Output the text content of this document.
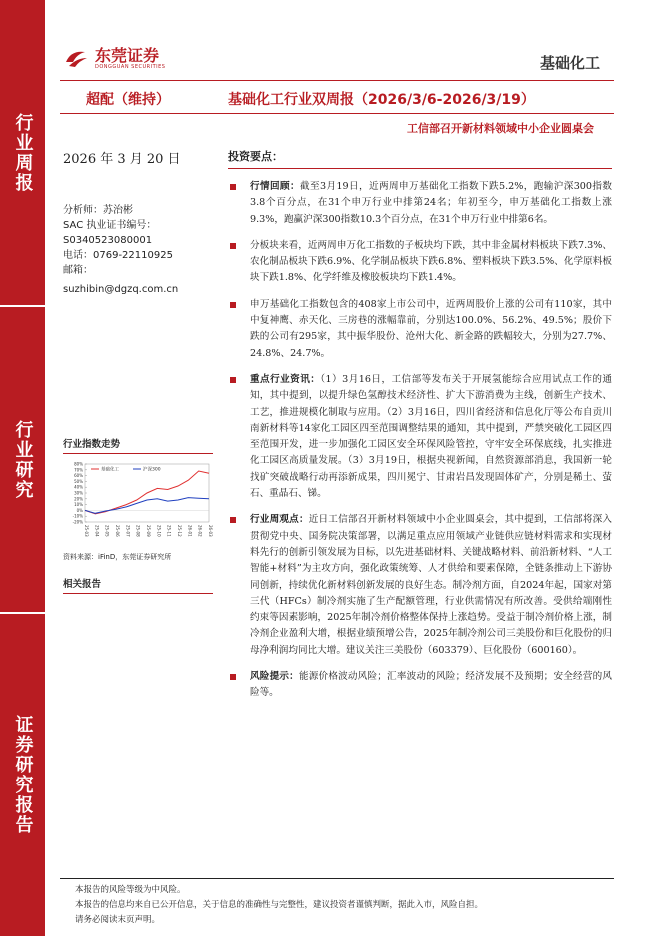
行业周报
行业研究
证券研究报告
东莞证券
DONGGUAN SECURITIES	基础化工
超配（维持）	基础化工行业双周报（2026/3/6-2026/3/19）
工信部召开新材料领域中小企业圆桌会
2026 年 3 月 20 日
分析师：苏治彬
SAC 执业证书编号：
S0340523080001
电话：0769-22110925
邮箱：
suzhibin@dgzq.com.cn
行业指数走势
80%
70%
60%
50%
40%
30%
20%
10%
0%
-10%
-20%
25-03 25-04 25-05 25-06 25-07 25-08 25-09 25-10 25-11 25-12 26-01 26-02 26-03
基础化工	沪深300
资料来源：iFinD，东莞证券研究所
相关报告
投资要点：
行情回顾：截至3月19日，近两周申万基础化工指数下跌5.2%，跑输沪深300指数3.8个百分点，在31个申万行业中排第24名；年初至今，申万基础化工指数上涨9.3%，跑赢沪深300指数10.3个百分点，在31个申万行业中排第6名。
分板块来看，近两周申万化工指数的子板块均下跌，其中非金属材料板块下跌7.3%、农化制品板块下跌6.9%、化学制品板块下跌6.8%、塑料板块下跌3.5%、化学原料板块下跌1.8%、化学纤维及橡胶板块均下跌1.4%。
申万基础化工指数包含的408家上市公司中，近两周股价上涨的公司有110家，其中中复神鹰、赤天化、三房巷的涨幅靠前，分别达100.0%、56.2%、49.5%；股价下跌的公司有295家，其中振华股份、沧州大化、新金路的跌幅较大，分别为27.7%、24.8%、24.7%。
重点行业资讯：（1）3月16日，工信部等发布关于开展氢能综合应用试点工作的通知，其中提到，以提升绿色氢醇技术经济性、扩大下游消费为主线，创新生产技术、工艺，推进规模化制取与应用。（2）3月16日，四川省经济和信息化厅等公布自贡川南新材料等14家化工园区四至范围调整结果的通知，其中提到，严禁突破化工园区四至范围开发，进一步加强化工园区安全环保风险管控，守牢安全环保底线，扎实推进化工园区高质量发展。（3）3月19日，根据央视新闻，自然资源部消息，我国新一轮找矿突破战略行动再添新成果，四川冕宁、甘肃岩昌发现固体矿产，分别是稀土、萤石、重晶石、锑。
行业周观点：近日工信部召开新材料领域中小企业圆桌会，其中提到，工信部将深入贯彻党中央、国务院决策部署，以满足重点应用领域产业链供应链材料需求和实现材料先行的创新引领发展为目标，以先进基础材料、关键战略材料、前沿新材料、“人工智能+材料”为主攻方向，强化政策统筹、人才供给和要素保障，全链条推动上下游协同创新，持续优化新材料创新发展的良好生态。制冷剂方面，自2024年起，国家对第三代（HFCs）制冷剂实施了生产配额管理，行业供需情况有所改善。受供给端刚性约束等因素影响，2025年制冷剂价格整体保持上涨趋势。受益于制冷剂价格上涨，制冷剂企业盈利大增，根据业绩预增公告，2025年制冷剂公司三美股份和巨化股份的归母净利润均同比大增。建议关注三美股份（603379）、巨化股份（600160）。
风险提示：能源价格波动风险；汇率波动的风险；经济发展不及预期；安全经营的风险等。
本报告的风险等级为中风险。
本报告的信息均来自已公开信息，关于信息的准确性与完整性，建议投资者谨慎判断，据此入市，风险自担。
请务必阅读末页声明。
